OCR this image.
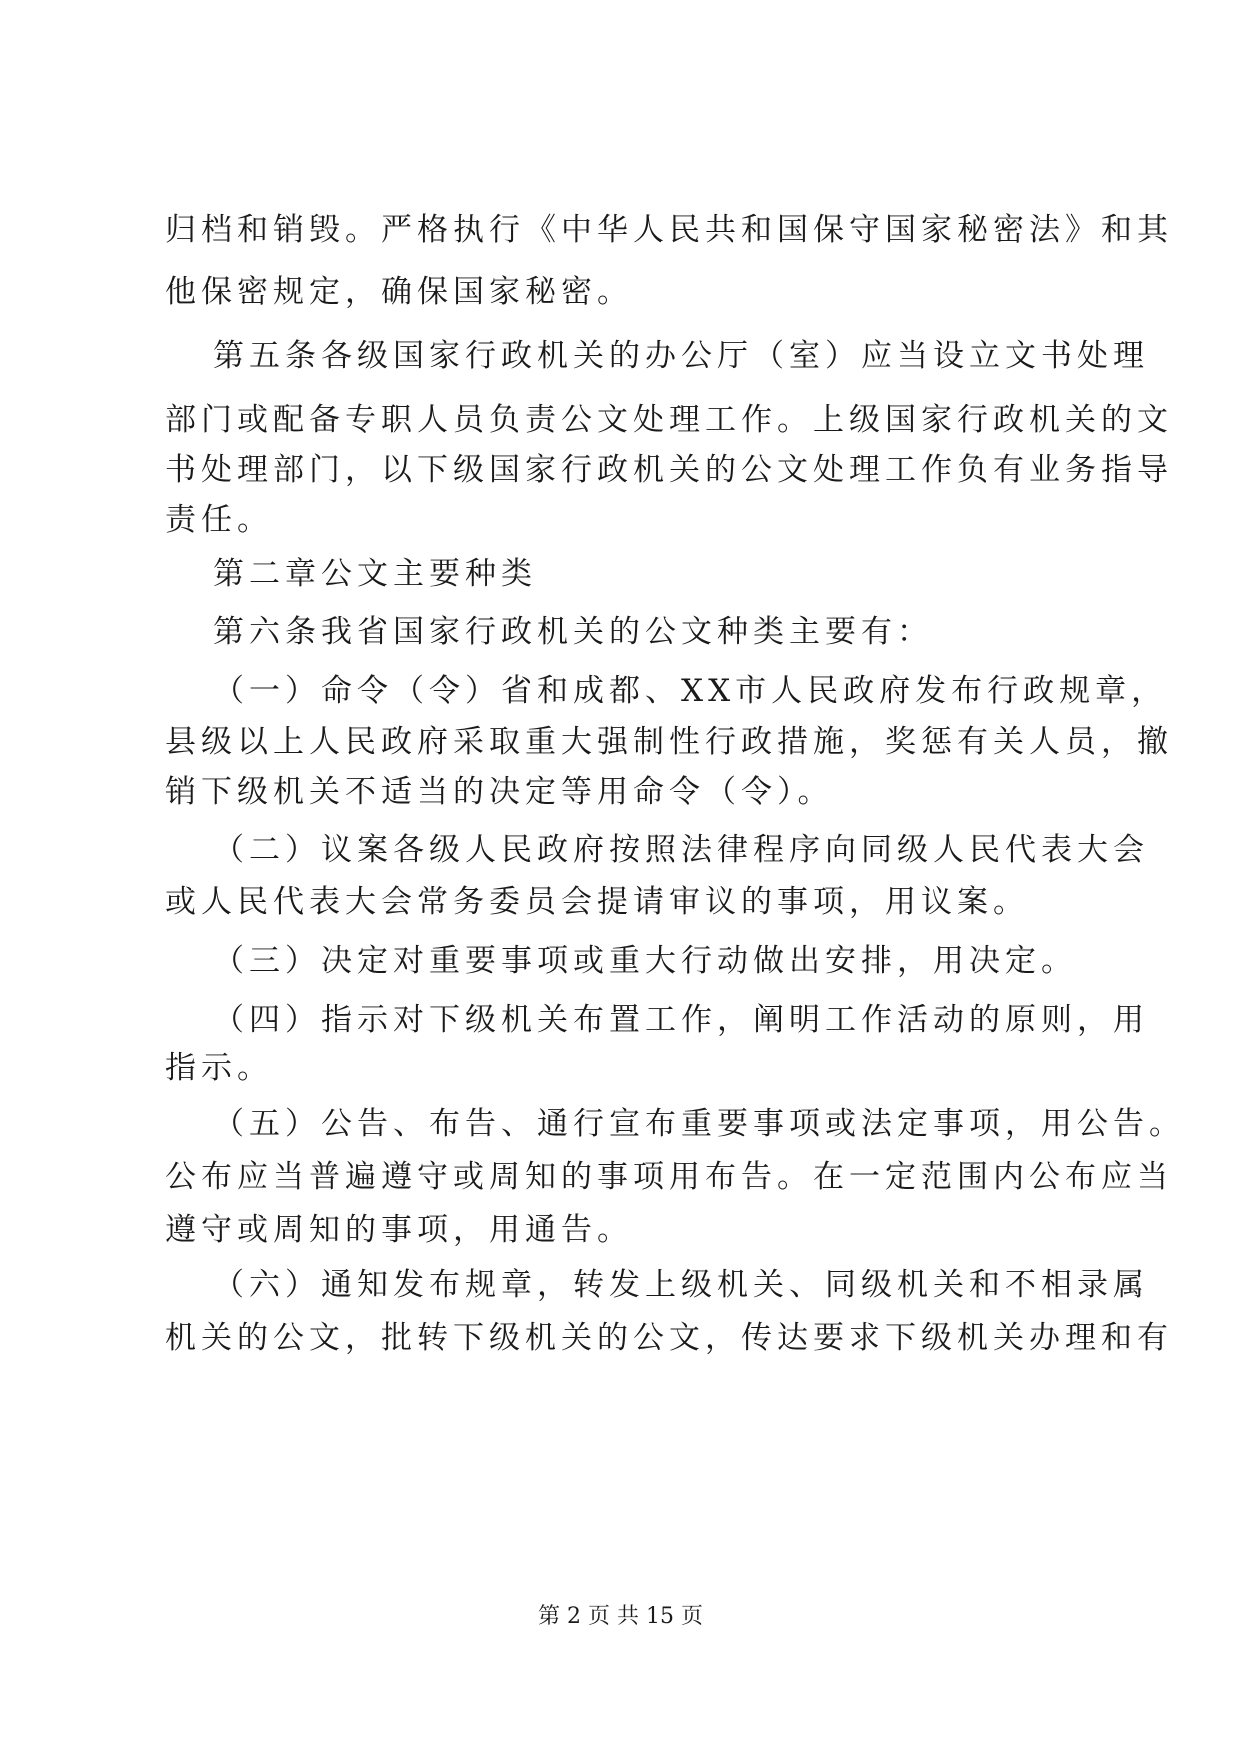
归档和销毁。严格执行《中华人民共和国保守国家秘密法》和其
他保密规定，确保国家秘密。
第五条各级国家行政机关的办公厅（室）应当设立文书处理
部门或配备专职人员负责公文处理工作。上级国家行政机关的文
书处理部门，以下级国家行政机关的公文处理工作负有业务指导
责任。
第二章公文主要种类
第六条我省国家行政机关的公文种类主要有：
（一）命令（令）省和成都、XX市人民政府发布行政规章，
县级以上人民政府采取重大强制性行政措施，奖惩有关人员，撤
销下级机关不适当的决定等用命令（令）。
（二）议案各级人民政府按照法律程序向同级人民代表大会
或人民代表大会常务委员会提请审议的事项，用议案。
（三）决定对重要事项或重大行动做出安排，用决定。
（四）指示对下级机关布置工作，阐明工作活动的原则，用
指示。
（五）公告、布告、通行宣布重要事项或法定事项，用公告。
公布应当普遍遵守或周知的事项用布告。在一定范围内公布应当
遵守或周知的事项，用通告。
（六）通知发布规章，转发上级机关、同级机关和不相录属
机关的公文，批转下级机关的公文，传达要求下级机关办理和有
第 2 页 共 15 页
